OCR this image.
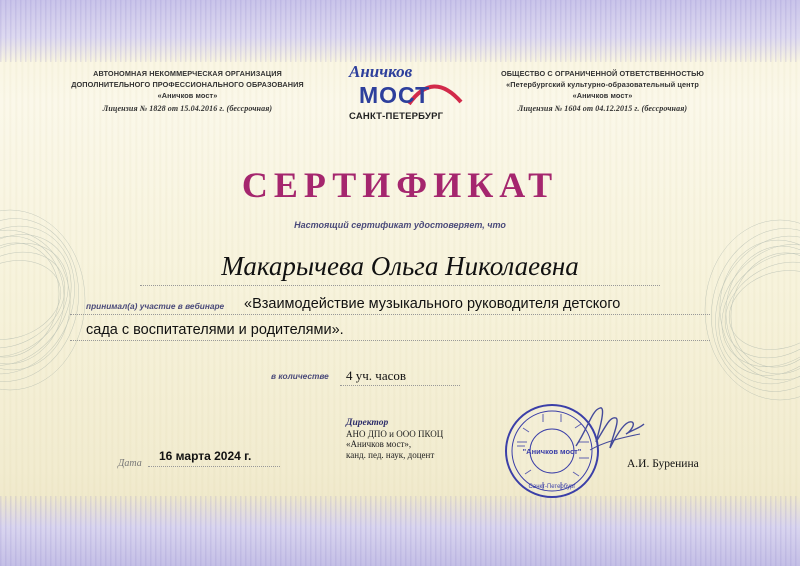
АВТОНОМНАЯ НЕКОММЕРЧЕСКАЯ ОРГАНИЗАЦИЯ
ДОПОЛНИТЕЛЬНОГО ПРОФЕССИОНАЛЬНОГО ОБРАЗОВАНИЯ
«Аничков мост»
Лицензия № 1828 от 15.04.2016 г. (бессрочная)
Аничков
МОСТ
САНКТ-ПЕТЕРБУРГ
ОБЩЕСТВО С ОГРАНИЧЕННОЙ ОТВЕТСТВЕННОСТЬЮ
«Петербургский культурно-образовательный центр
«Аничков мост»
Лицензия № 1604 от 04.12.2015 г. (бессрочная)
СЕРТИФИКАТ
Настоящий сертификат удостоверяет, что
Макарычева Ольга Николаевна
принимал(а) участие в вебинаре «Взаимодействие музыкального руководителя детского
сада с воспитателями и родителями».
в количестве 4 уч. часов
Дата
16 марта 2024 г.
Директор
АНО ДПО и ООО ПКОЦ
«Аничков мост»,
канд. пед. наук, доцент	"Аничков мост"
Санкт-Петербург
А.И. Буренина
